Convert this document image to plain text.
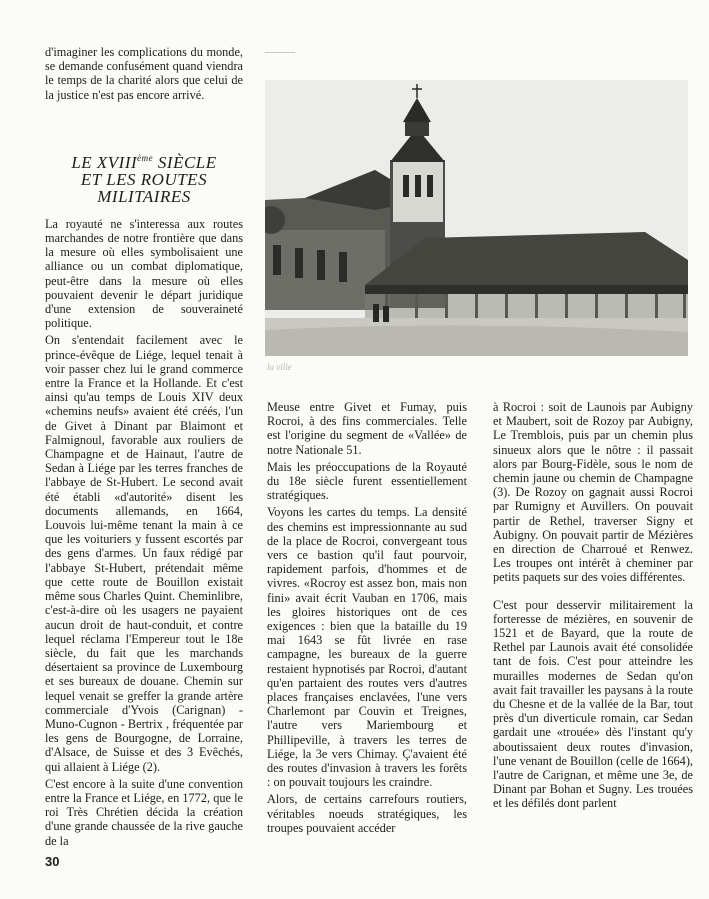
d'imaginer les complications du monde, se demande confusément quand viendra le temps de la charité alors que celui de la justice n'est pas encore arrivé.

LE XVIIIème SIÈCLE
ET LES ROUTES
MILITAIRES

La royauté ne s'interessa aux routes marchandes de notre frontière que dans la mesure où elles symbolisaient une alliance ou un combat diplomatique, peut-être dans la mesure où elles pouvaient devenir le départ juridique d'une extension de souveraineté politique.

On s'entendait facilement avec le prince-évêque de Liége, lequel tenait à voir passer chez lui le grand commerce entre la France et la Hollande. Et c'est ainsi qu'au temps de Louis XIV deux «chemins neufs» avaient été créés, l'un de Givet à Dinant par Blaimont et Falmignoul, favorable aux rouliers de Champagne et de Hainaut, l'autre de Sedan à Liége par les terres franches de l'abbaye de St-Hubert. Le second avait été établi «d'autorité» disent les documents allemands, en 1664, Louvois lui-même tenant la main à ce que les voituriers y fussent escortés par des gens d'armes. Un faux rédigé par l'abbaye St-Hubert, prétendait même que cette route de Bouillon existait même sous Charles Quint. Cheminlibre, c'est-à-dire où les usagers ne payaient aucun droit de haut-conduit, et contre lequel réclama l'Empereur tout le 18e siècle, du fait que les marchands désertaient sa province de Luxembourg et ses bureaux de douane. Chemin sur lequel venait se greffer la grande artère commerciale d'Yvois (Carignan) - Muno-Cugnon - Bertrix , fréquentée par les gens de Bourgogne, de Lorraine, d'Alsace, de Suisse et des 3 Evêchés, qui allaient à Liége (2).

C'est encore à la suite d'une convention entre la France et Liége, en 1772, que le roi Très Chrétien décida la création d'une grande chaussée de la rive gauche de la

la ville

Meuse entre Givet et Fumay, puis Rocroi, à des fins commerciales. Telle est l'origine du segment de «Vallée» de notre Nationale 51.

Mais les préoccupations de la Royauté du 18e siècle furent essentiellement stratégiques.

Voyons les cartes du temps. La densité des chemins est impressionnante au sud de la place de Rocroi, convergeant tous vers ce bastion qu'il faut pourvoir, rapidement parfois, d'hommes et de vivres. «Rocroy est assez bon, mais non fini» avait écrit Vauban en 1706, mais les gloires historiques ont de ces exigences : bien que la bataille du 19 mai 1643 se fût livrée en rase campagne, les bureaux de la guerre restaient hypnotisés par Rocroi, d'autant qu'en partaient des routes vers d'autres places françaises enclavées, l'une vers Charlemont par Couvin et Treignes, l'autre vers Mariembourg et Phillipeville, à travers les terres de Liége, la 3e vers Chimay. Ç'avaient été des routes d'invasion à travers les forêts : on pouvait toujours les craindre.

Alors, de certains carrefours routiers, véritables noeuds stratégiques, les troupes pouvaient accéder

à Rocroi : soit de Launois par Aubigny et Maubert, soit de Rozoy par Aubigny, Le Tremblois, puis par un chemin plus sinueux alors que le nôtre : il passait alors par Bourg-Fidèle, sous le nom de chemin jaune ou chemin de Champagne (3). De Rozoy on gagnait aussi Rocroi par Rumigny et Auvillers. On pouvait partir de Rethel, traverser Signy et Aubigny. On pouvait partir de Mézières en direction de Charroué et Renwez. Les troupes ont intérêt à cheminer par petits paquets sur des voies différentes.

C'est pour desservir militairement la forteresse de mézières, en souvenir de 1521 et de Bayard, que la route de Rethel par Launois avait été consolidée tant de fois. C'est pour atteindre les murailles modernes de Sedan qu'on avait fait travailler les paysans à la route du Chesne et de la vallée de la Bar, tout près d'un diverticule romain, car Sedan gardait une «trouée» dès l'instant qu'y aboutissaient deux routes d'invasion, l'une venant de Bouillon (celle de 1664), l'autre de Carignan, et même une 3e, de Dinant par Bohan et Sugny. Les trouées et les défilés dont parlent

30
